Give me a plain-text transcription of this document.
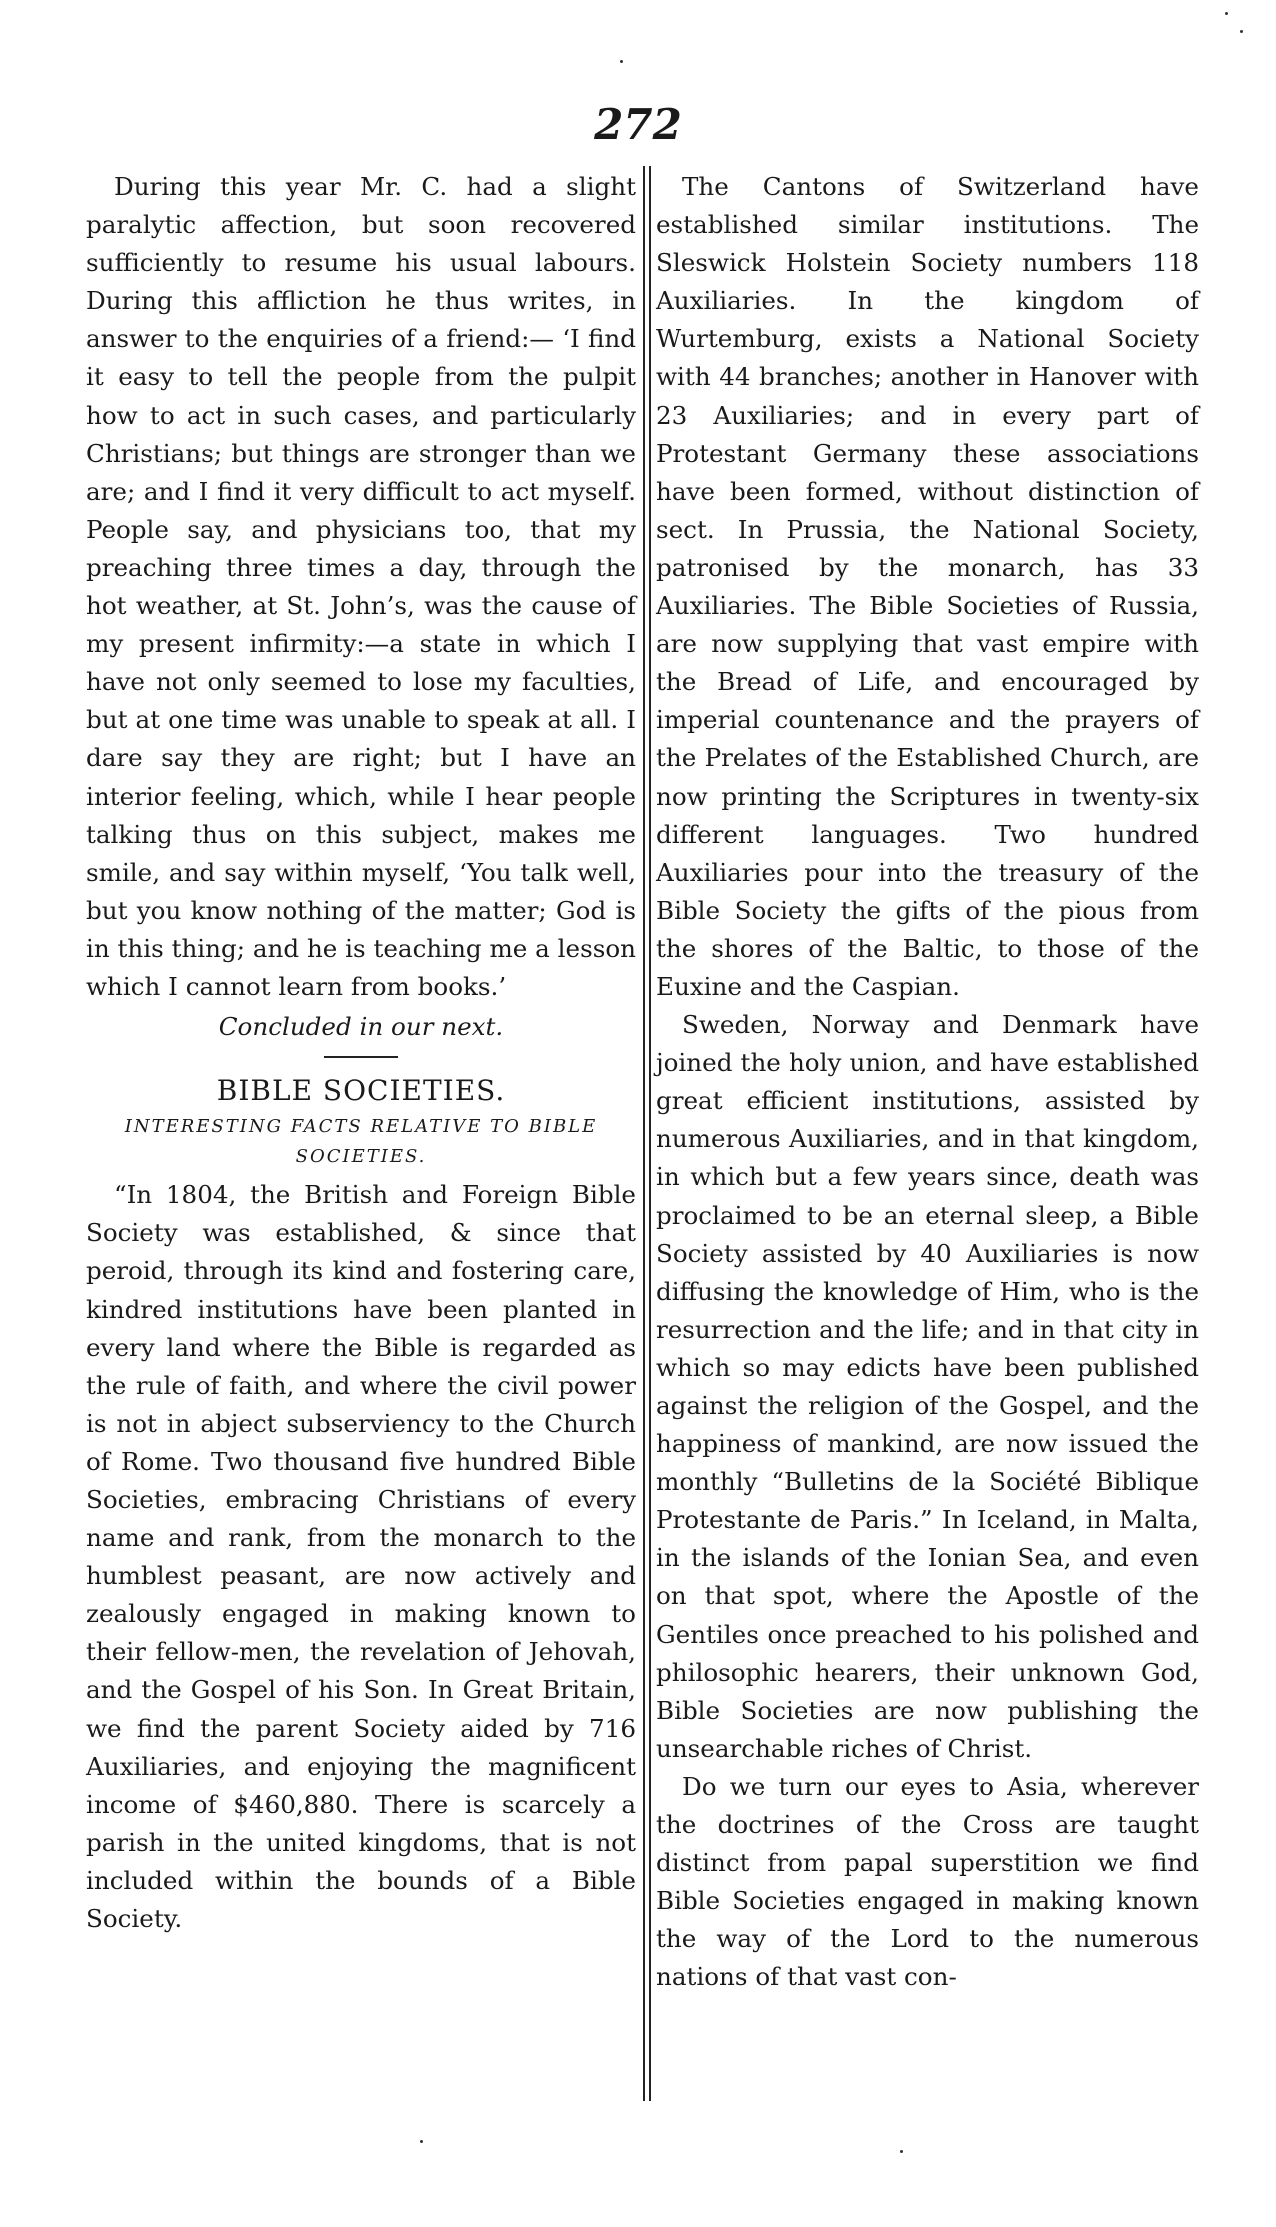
272

During this year Mr. C. had a slight paralytic affection, but soon recovered sufficiently to resume his usual labours. During this affliction he thus writes, in answer to the enquiries of a friend:— ‘I find it easy to tell the people from the pulpit how to act in such cases, and particularly Christians; but things are stronger than we are; and I find it very difficult to act myself. People say, and physicians too, that my preaching three times a day, through the hot weather, at St. John’s, was the cause of my present infirmity:—a state in which I have not only seemed to lose my faculties, but at one time was unable to speak at all. I dare say they are right; but I have an interior feeling, which, while I hear people talking thus on this subject, makes me smile, and say within myself, ‘You talk well, but you know nothing of the matter; God is in this thing; and he is teaching me a lesson which I cannot learn from books.’

Concluded in our next.
BIBLE SOCIETIES.
INTERESTING FACTS RELATIVE TO BIBLE SOCIETIES.

“In 1804, the British and Foreign Bible Society was established, & since that peroid, through its kind and fostering care, kindred institutions have been planted in every land where the Bible is regarded as the rule of faith, and where the civil power is not in abject subserviency to the Church of Rome. Two thousand five hundred Bible Societies, embracing Christians of every name and rank, from the monarch to the humblest peasant, are now actively and zealously engaged in making known to their fellow-men, the revelation of Jehovah, and the Gospel of his Son. In Great Britain, we find the parent Society aided by 716 Auxiliaries, and enjoying the magnificent income of $460,880. There is scarcely a parish in the united kingdoms, that is not included within the bounds of a Bible Society.

The Cantons of Switzerland have established similar institutions. The Sleswick Holstein Society numbers 118 Auxiliaries. In the kingdom of Wurtemburg, exists a National Society with 44 branches; another in Hanover with 23 Auxiliaries; and in every part of Protestant Germany these associations have been formed, without distinction of sect. In Prussia, the National Society, patronised by the monarch, has 33 Auxiliaries. The Bible Societies of Russia, are now supplying that vast empire with the Bread of Life, and encouraged by imperial countenance and the prayers of the Prelates of the Established Church, are now printing the Scriptures in twenty-six different languages. Two hundred Auxiliaries pour into the treasury of the Bible Society the gifts of the pious from the shores of the Baltic, to those of the Euxine and the Caspian.

Sweden, Norway and Denmark have joined the holy union, and have established great efficient institutions, assisted by numerous Auxiliaries, and in that kingdom, in which but a few years since, death was proclaimed to be an eternal sleep, a Bible Society assisted by 40 Auxiliaries is now diffusing the knowledge of Him, who is the resurrection and the life; and in that city in which so may edicts have been published against the religion of the Gospel, and the happiness of mankind, are now issued the monthly “Bulletins de la Société Biblique Protestante de Paris.” In Iceland, in Malta, in the islands of the Ionian Sea, and even on that spot, where the Apostle of the Gentiles once preached to his polished and philosophic hearers, their unknown God, Bible Societies are now publishing the unsearchable riches of Christ.

Do we turn our eyes to Asia, wherever the doctrines of the Cross are taught distinct from papal superstition we find Bible Societies engaged in making known the way of the Lord to the numerous nations of that vast con-
